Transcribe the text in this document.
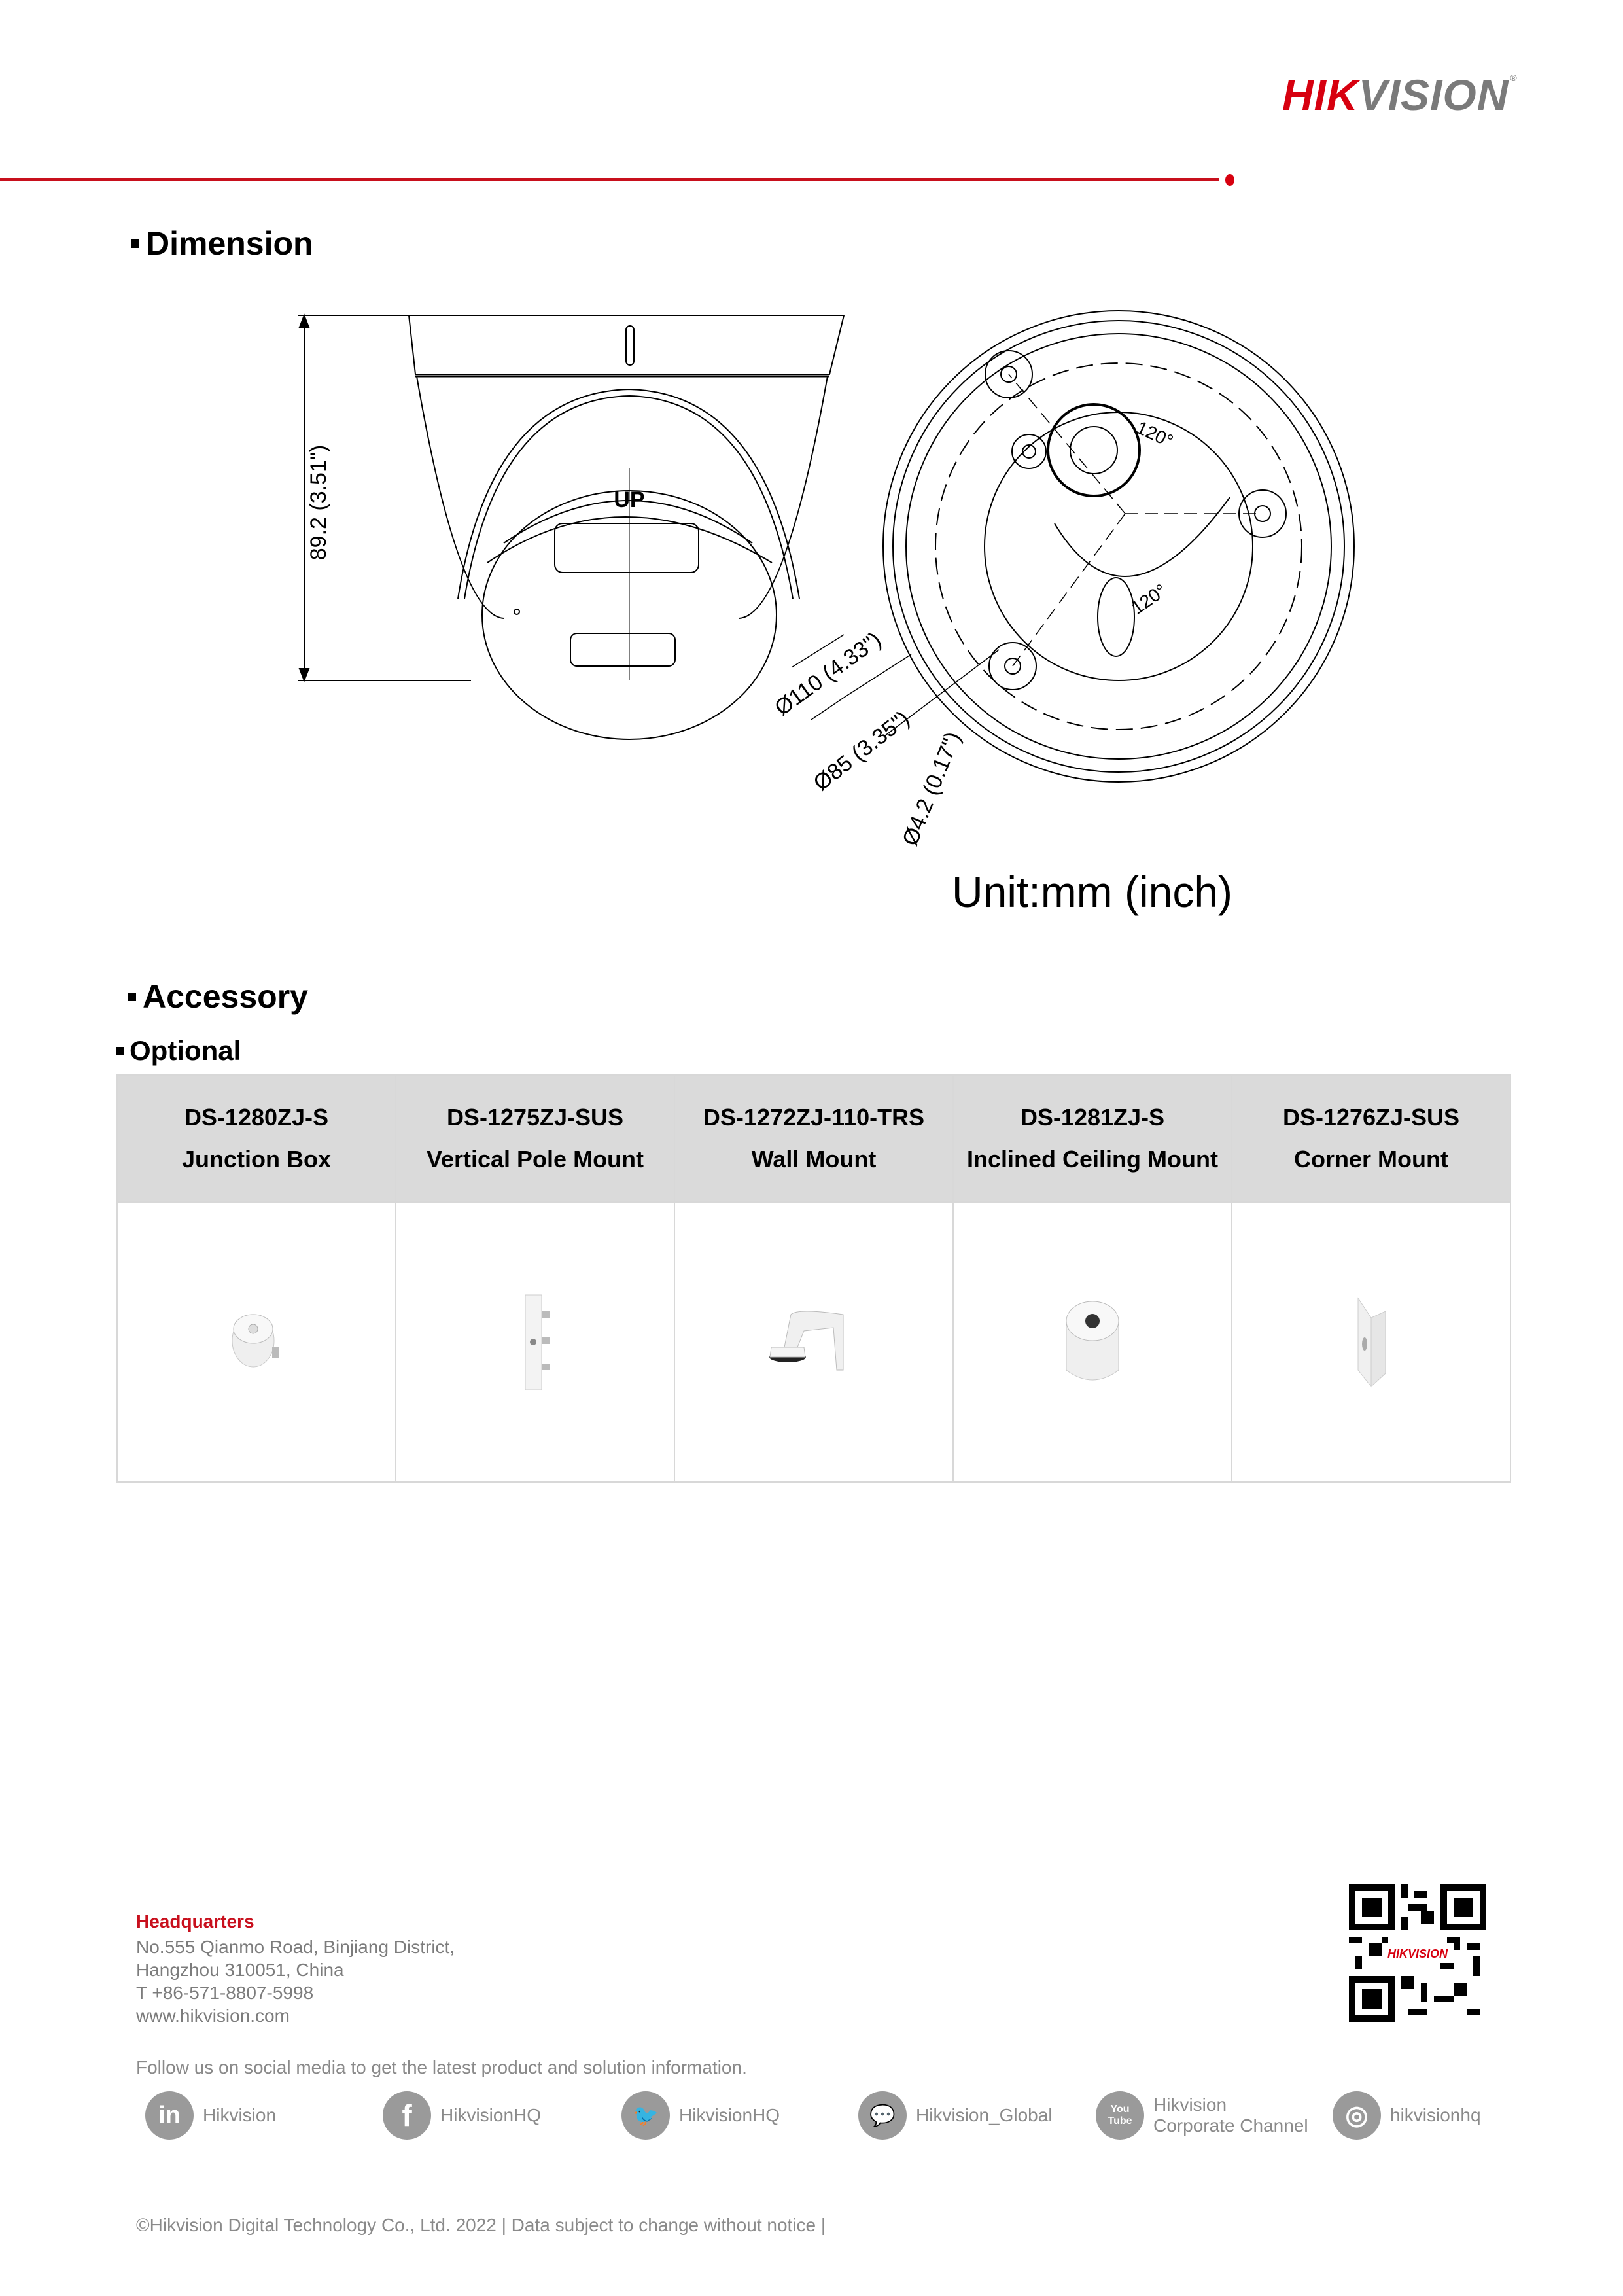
HIKVISION ®
Dimension
UP
89.2 (3.51")
Ø110 (4.33")
Ø85 (3.35")
Ø4.2 (0.17")
120°
120°
Unit:mm (inch)
Accessory
Optional
DS-1280ZJ-S
Junction Box

DS-1275ZJ-SUS
Vertical Pole Mount

DS-1272ZJ-110-TRS
Wall Mount

DS-1281ZJ-S
Inclined Ceiling Mount

DS-1276ZJ-SUS
Corner Mount

Headquarters
No.555 Qianmo Road, Binjiang District,
Hangzhou 310051, China
T +86-571-8807-5998
www.hikvision.com
HIKVISION
Follow us on social media to get the latest product and solution information.
in	Hikvision	f	HikvisionHQ	🐦	HikvisionHQ	💬	Hikvision_Global	You Tube
Hikvision
Corporate Channel	◎	hikvisionhq
©Hikvision Digital Technology Co., Ltd. 2022 | Data subject to change without notice |
